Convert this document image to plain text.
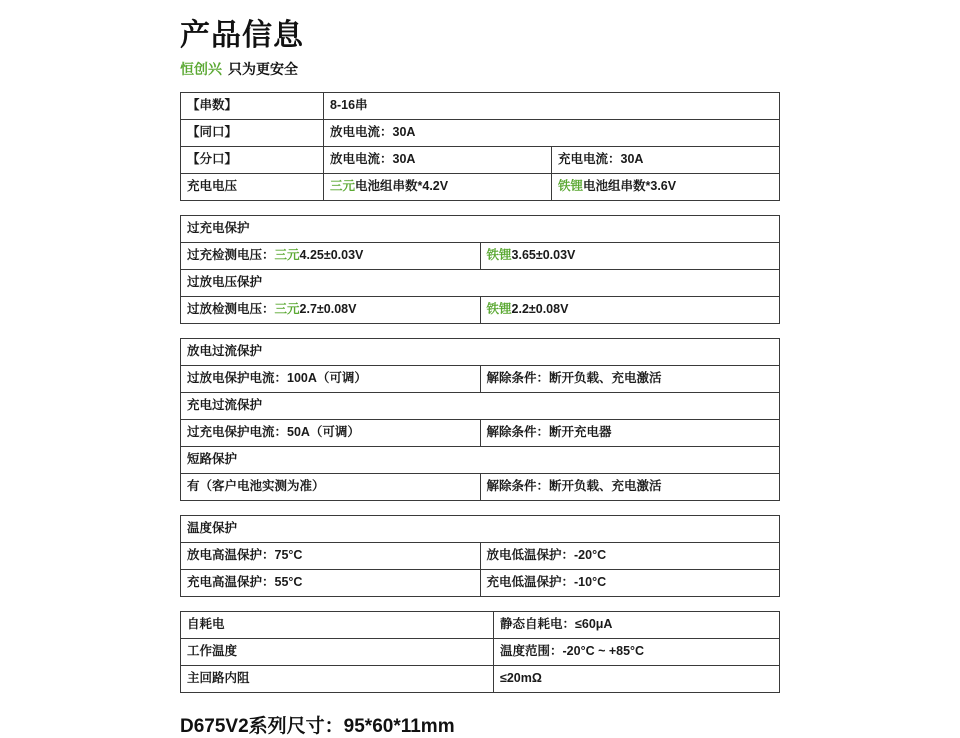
产品信息
恒创兴 只为更安全
【串数】	8-16串	
【同口】	放电电流：30A	
【分口】	放电电流：30A	充电电流：30A
充电电压	三元电池组串数*4.2V	铁锂电池组串数*3.6V
过充电保护	
过充检测电压：三元4.25±0.03V	铁锂3.65±0.03V
过放电压保护	
过放检测电压：三元2.7±0.08V	铁锂2.2±0.08V
放电过流保护	
过放电保护电流：100A（可调）	解除条件：断开负载、充电激活
充电过流保护	
过充电保护电流：50A（可调）	解除条件：断开充电器
短路保护	
有（客户电池实测为准）	解除条件：断开负载、充电激活
温度保护	
放电高温保护：75°C	放电低温保护：-20°C
充电高温保护：55°C	充电低温保护：-10°C
自耗电	静态自耗电：≤60μA
工作温度	温度范围：-20°C ~ +85°C
主回路内阻	≤20mΩ
D675V2系列尺寸：95*60*11mm
